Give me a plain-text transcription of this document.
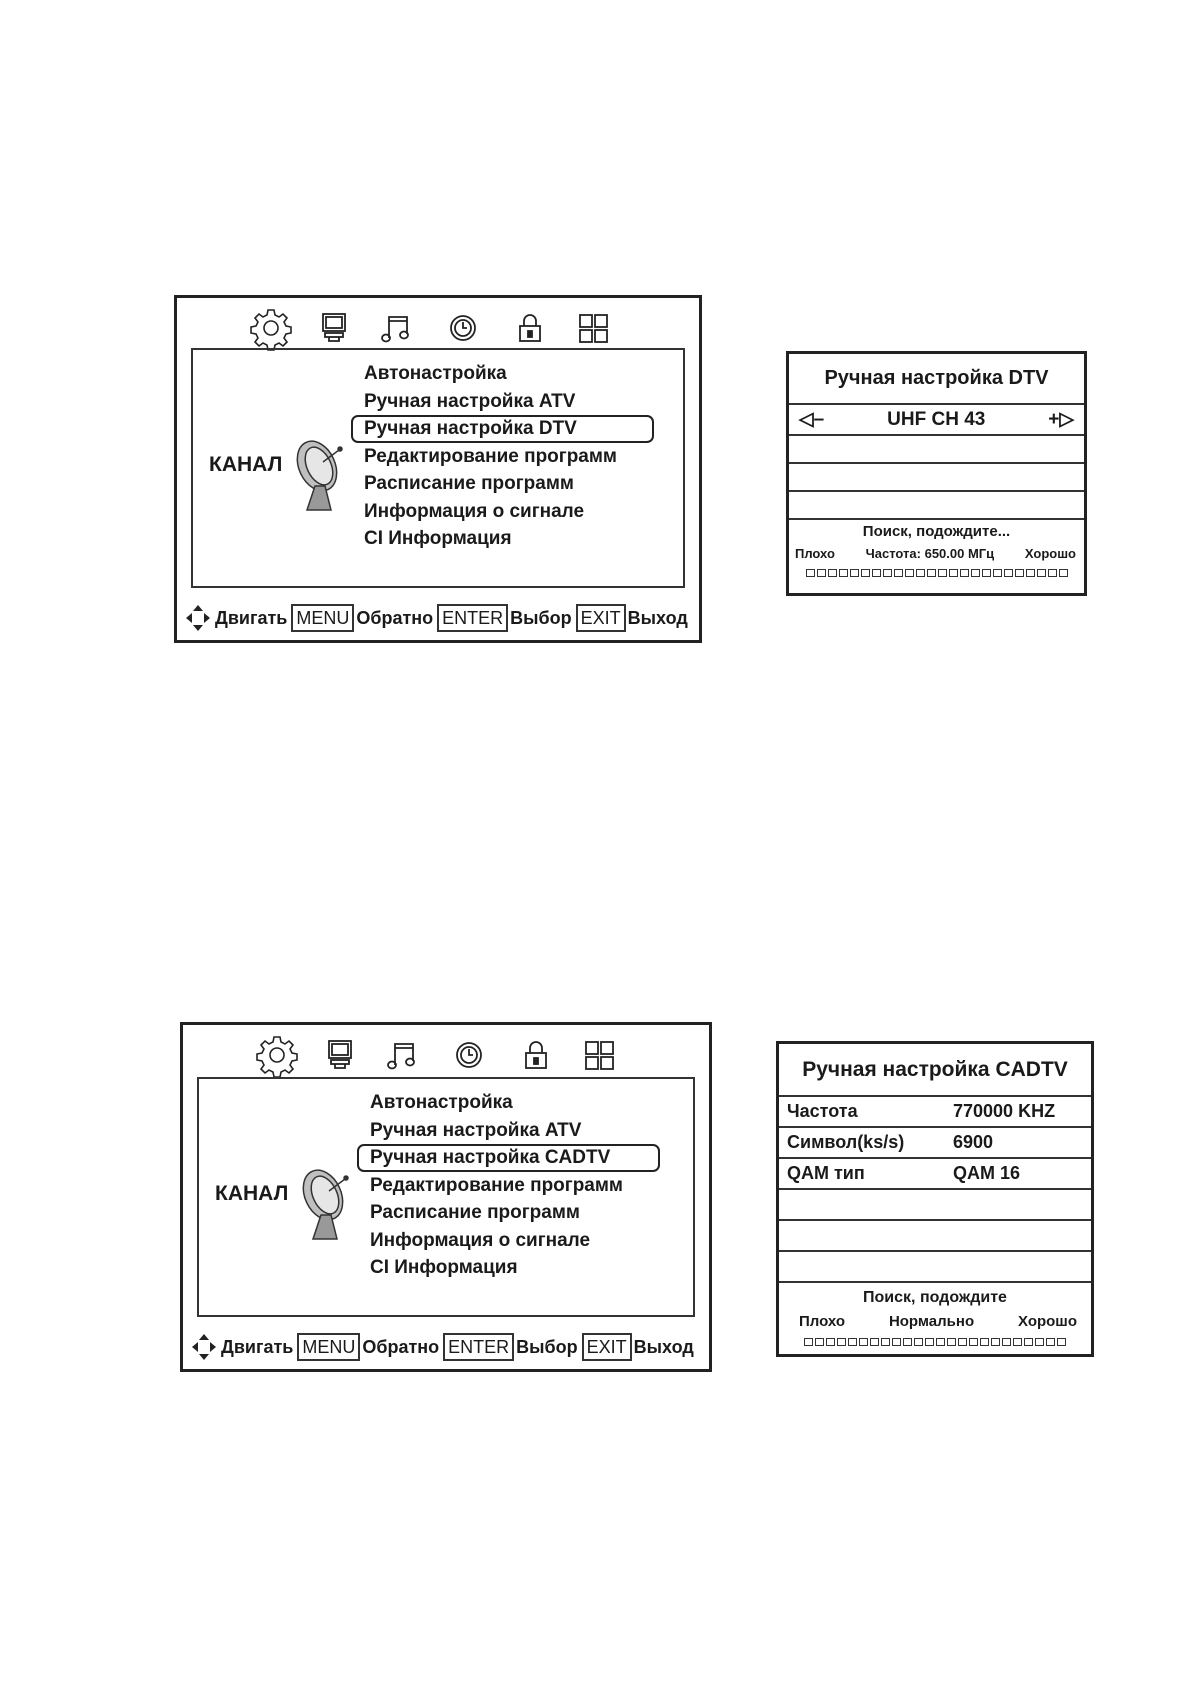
КАНАЛ
Автонастройка
Ручная настройка ATV
Ручная настройка DTV
Редактирование программ
Расписание программ
Информация о сигнале
CI Информация
Двигать MENU Обратно ENTER Выбор EXIT Выход
Ручная настройка DTV
◁–	UHF CH 43	+▷
Поиск, подождите...
Плохо Частота: 650.00 МГц Хорошо
КАНАЛ
Автонастройка
Ручная настройка ATV
Ручная настройка CADTV
Редактирование программ
Расписание программ
Информация о сигнале
CI Информация
Двигать MENU Обратно ENTER Выбор EXIT Выход
Ручная настройка CADTV
Частота	770000 KHZ
Символ(ks/s)	6900
QAM тип	QAM 16
Поиск, подождите
Плохо	Нормально	Хорошо
